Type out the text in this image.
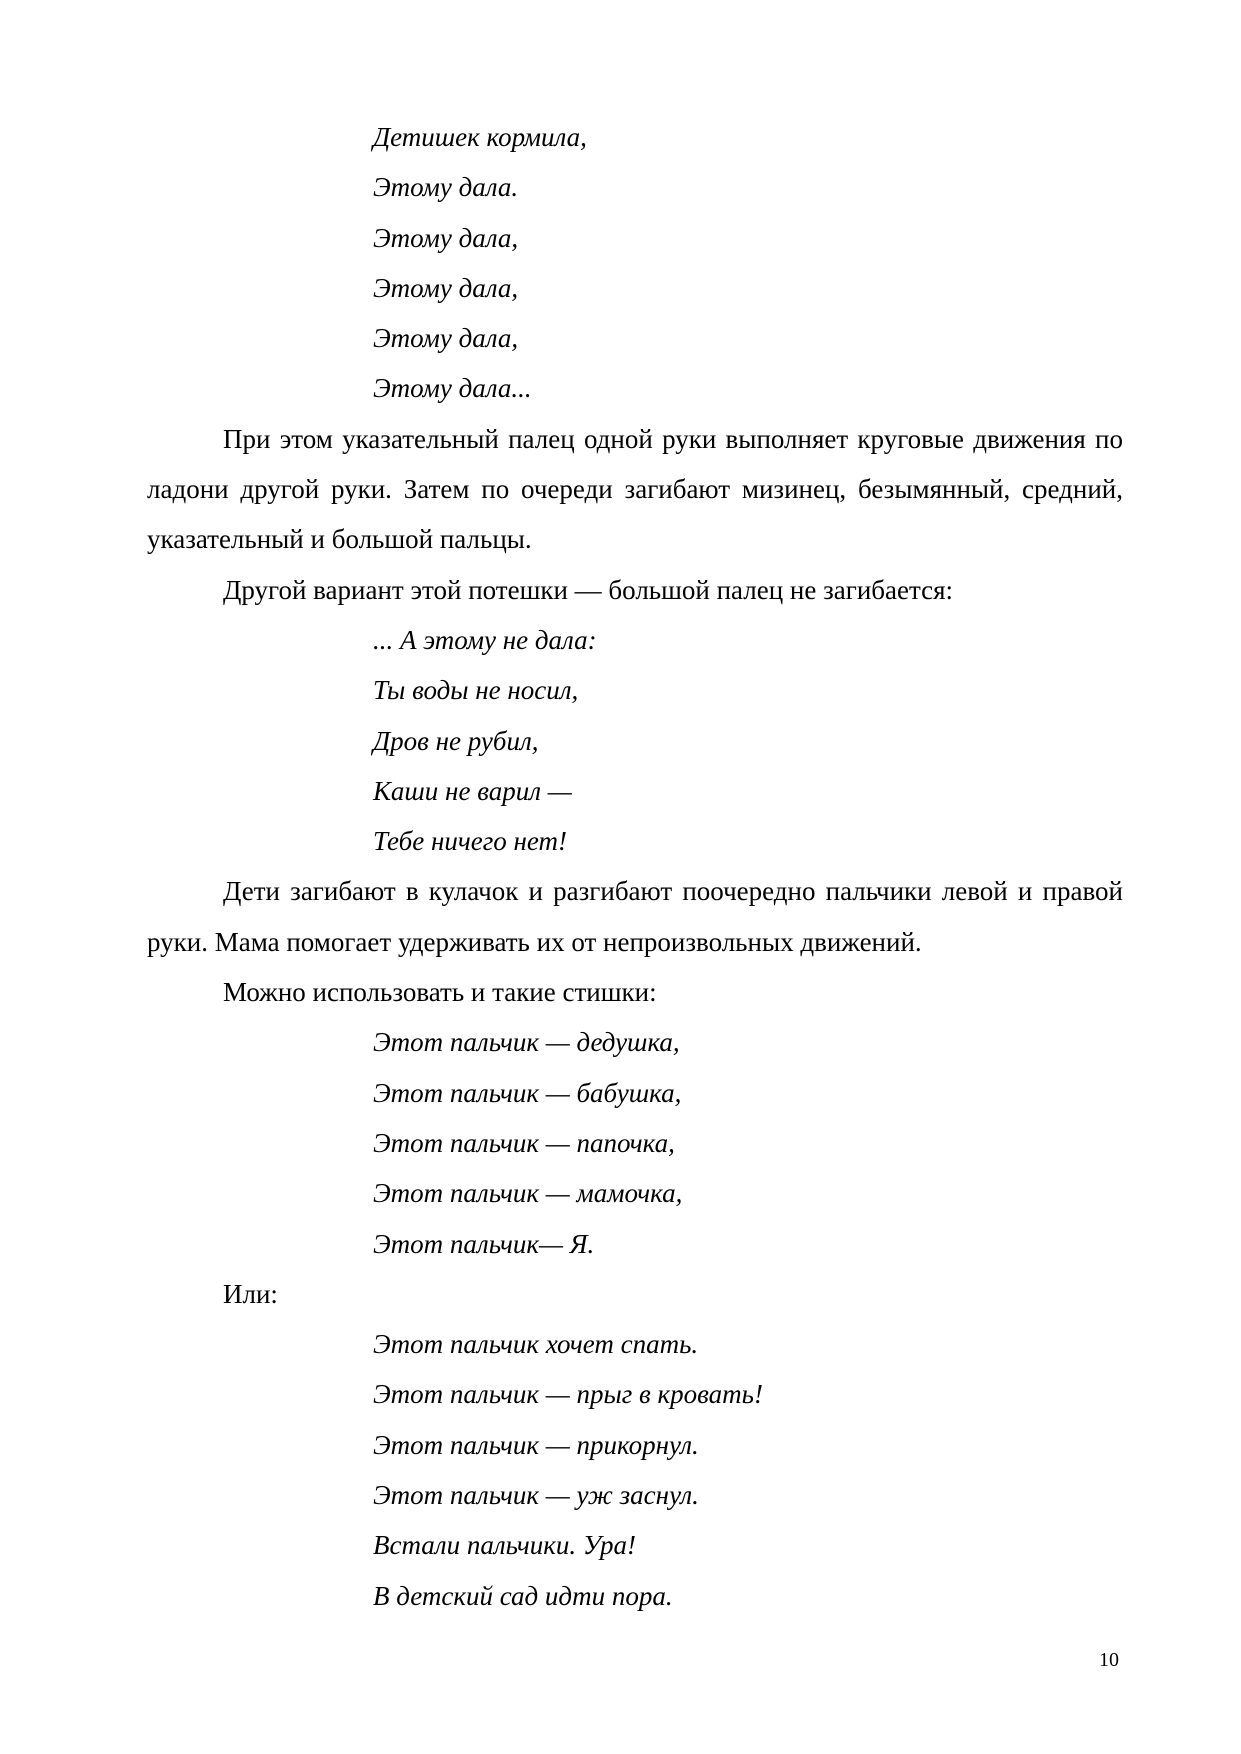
Детишек кормила,
Этому дала.
Этому дала,
Этому дала,
Этому дала,
Этому дала...

При этом указательный палец одной руки выполняет круговые движения по ладони другой руки. Затем по очереди загибают мизинец, безымянный, средний, указательный и большой пальцы.

Другой вариант этой потешки — большой палец не загибается:
... А этому не дала:
Ты воды не носил,
Дров не рубил,
Каши не варил —
Тебе ничего нет!

Дети загибают в кулачок и разгибают поочередно пальчики левой и правой руки. Мама помогает удерживать их от непроизвольных движений.

Можно использовать и такие стишки:
Этот пальчик — дедушка,
Этот пальчик — бабушка,
Этот пальчик — папочка,
Этот пальчик — мамочка,
Этот пальчик— Я.
Или:
Этот пальчик хочет спать.
Этот пальчик — прыг в кровать!
Этот пальчик — прикорнул.
Этот пальчик — уж заснул.
Встали пальчики. Ура!
В детский сад идти пора.
10
